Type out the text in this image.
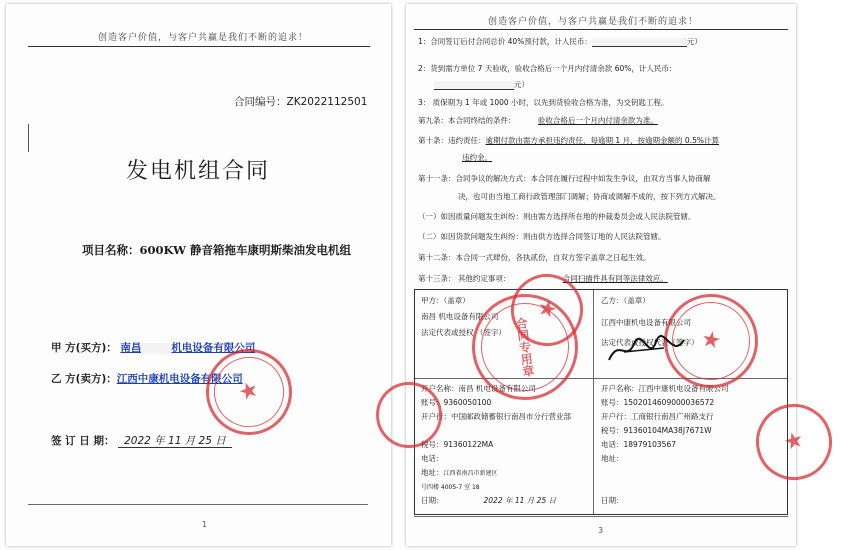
创造客户价值，与客户共赢是我们不断的追求！
合同编号：ZK2022112501
发电机组合同
项目名称：600KW 静音箱拖车康明斯柴油发电机组
甲 方(买方)： 南昌	机电设备有限公司
乙 方(卖方)：江西中康机电设备有限公司
签 订 日 期： 2022 年 11 月 25 日
★
1
创造客户价值，与客户共赢是我们不断的追求！
1：合同签订后付合同总价 40%预付款，计人民币：	元）
2：货到需方单位 7 天验收，验收合格后一个月内付清余款 60%，计人民币：
元）
3： 质保期为 1 年或 1000 小时，以先到货验收合格为准，为交钥匙工程。
第九条：本合同终结的条件：	验收合格后一个月内付清余款为准。
第十条：违约责任：逾期付款由需方承担违约责任，每逾期 1 月，按逾期金额的 0.5%计算
违约金。
第十一条：合同争议的解决方式：本合同在履行过程中如发生争议，由双方当事人协商解
决，也可由当地工商行政管理部门调解；协商或调解不成的，按下列方式解决。
（一）如因质量问题发生纠纷：则由需方选择所在地的仲裁委员会或人民法院管辖。
（二）如因货款问题发生纠纷：则由供方选择合同签订地的人民法院管辖。
第十二条：本合同一式肆份，各执贰份，自双方签字盖章之日起生效。
第十三条： 其他约定事项：	合同扫描件具有同等法律效应。
甲方：（盖章）
南昌 机电设备有限公司
法定代表或授权 （签字）
乙方：（盖章）
江西中康机电设备有限公司
法定代表或授权代表（签字）
开户名称：南昌 机电设备有限公司
账号：9360050100
开户行：中国邮政储蓄银行南昌市分行营业部
税号：91360122MA
电话：
地址：江西省南昌市新建区
号四楼 4005-7 室 18
日期：	2022 年 11 月 25 日
开户名称：江西中康机电设备有限公司
账号：1502014609000036572
开户行：工商银行南昌广州路支行
税号：91360104MA38J7671W
电话：18979103567
地址：
日期：
★
合同专用章	★
★
3
